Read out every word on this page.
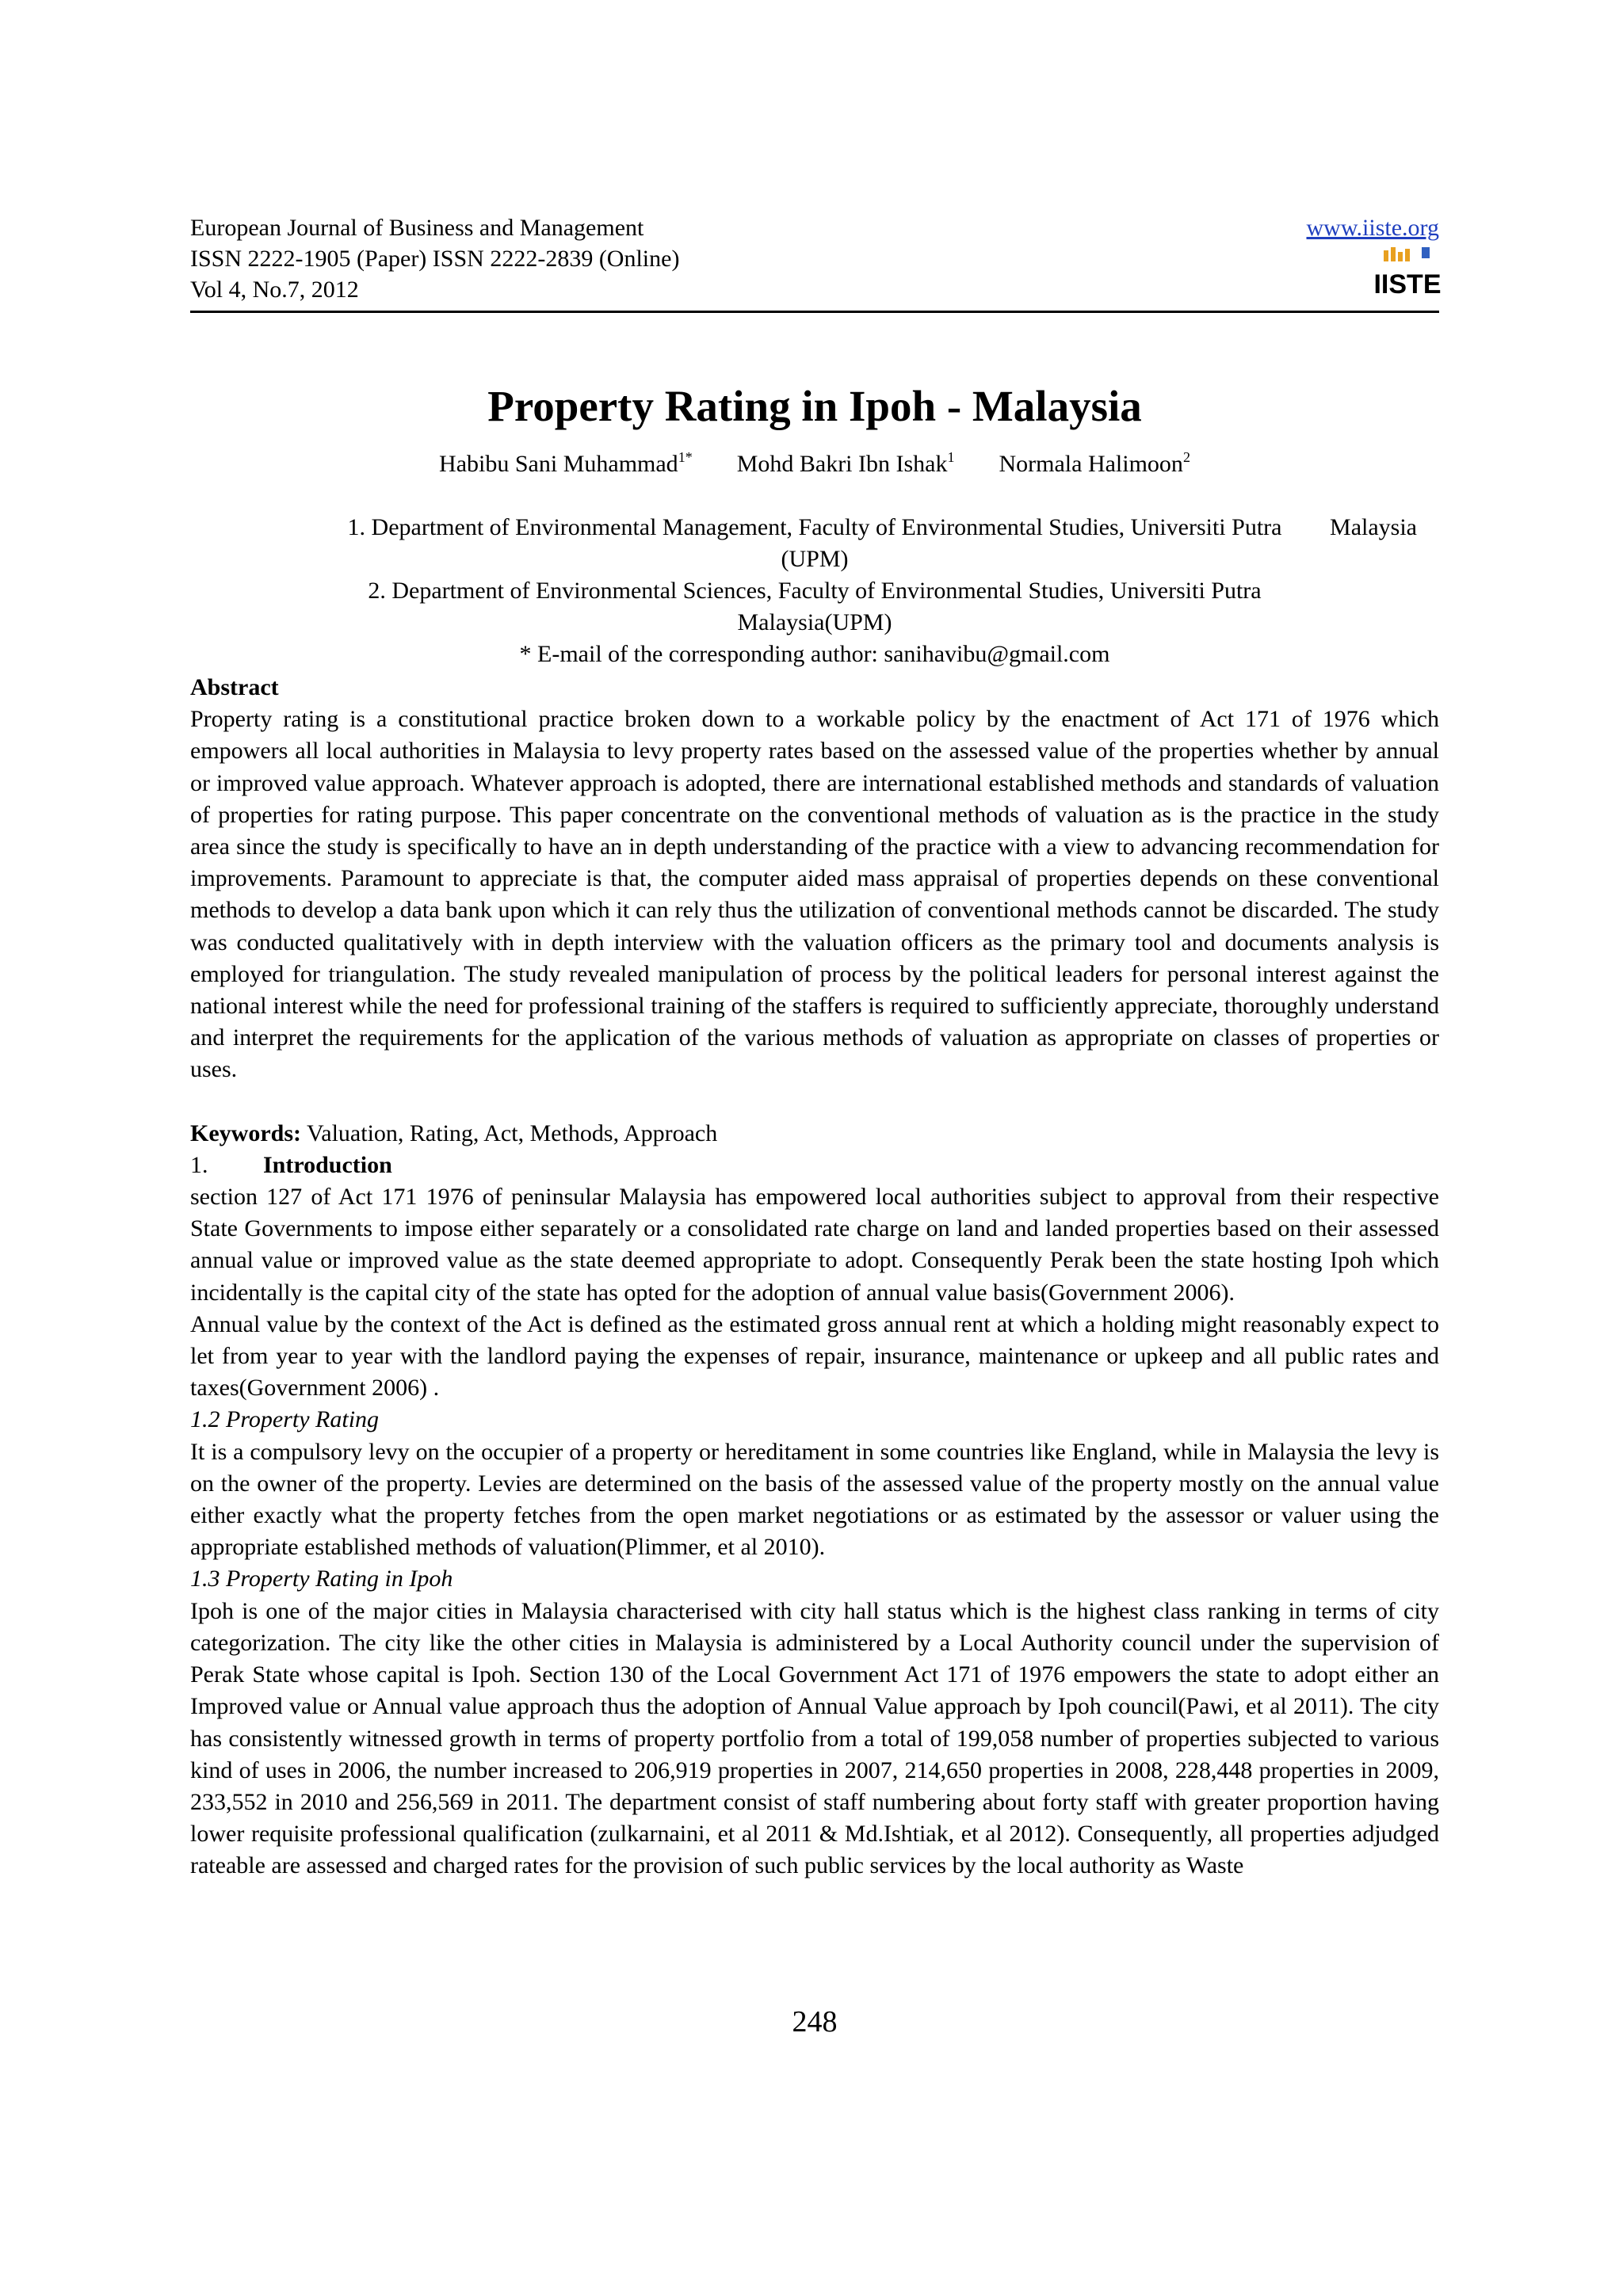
European Journal of Business and Management
ISSN 2222-1905 (Paper) ISSN 2222-2839 (Online)
Vol 4, No.7, 2012
www.iiste.org
IISTE
Property Rating in Ipoh - Malaysia
Habibu Sani Muhammad$^{1*}$ Mohd Bakri Ibn Ishak$^1$ Normala Halimoon$^2$
1. Department of Environmental Management, Faculty of Environmental Studies, Universiti Putra Malaysia
(UPM)
2. Department of Environmental Sciences, Faculty of Environmental Studies, Universiti Putra
Malaysia(UPM)
* E-mail of the corresponding author: sanihavibu@gmail.com

Abstract

Property rating is a constitutional practice broken down to a workable policy by the enactment of Act 171 of 1976 which empowers all local authorities in Malaysia to levy property rates based on the assessed value of the properties whether by annual or improved value approach. Whatever approach is adopted, there are international established methods and standards of valuation of properties for rating purpose. This paper concentrate on the conventional methods of valuation as is the practice in the study area since the study is specifically to have an in depth understanding of the practice with a view to advancing recommendation for improvements. Paramount to appreciate is that, the computer aided mass appraisal of properties depends on these conventional methods to develop a data bank upon which it can rely thus the utilization of conventional methods cannot be discarded. The study was conducted qualitatively with in depth interview with the valuation officers as the primary tool and documents analysis is employed for triangulation. The study revealed manipulation of process by the political leaders for personal interest against the national interest while the need for professional training of the staffers is required to sufficiently appreciate, thoroughly understand and interpret the requirements for the application of the various methods of valuation as appropriate on classes of properties or uses.

Keywords: Valuation, Rating, Act, Methods, Approach

1. Introduction

section 127 of Act 171 1976 of peninsular Malaysia has empowered local authorities subject to approval from their respective State Governments to impose either separately or a consolidated rate charge on land and landed properties based on their assessed annual value or improved value as the state deemed appropriate to adopt. Consequently Perak been the state hosting Ipoh which incidentally is the capital city of the state has opted for the adoption of annual value basis(Government 2006).

Annual value by the context of the Act is defined as the estimated gross annual rent at which a holding might reasonably expect to let from year to year with the landlord paying the expenses of repair, insurance, maintenance or upkeep and all public rates and taxes(Government 2006) .

1.2 Property Rating

It is a compulsory levy on the occupier of a property or hereditament in some countries like England, while in Malaysia the levy is on the owner of the property. Levies are determined on the basis of the assessed value of the property mostly on the annual value either exactly what the property fetches from the open market negotiations or as estimated by the assessor or valuer using the appropriate established methods of valuation(Plimmer, et al 2010).

1.3 Property Rating in Ipoh

Ipoh is one of the major cities in Malaysia characterised with city hall status which is the highest class ranking in terms of city categorization. The city like the other cities in Malaysia is administered by a Local Authority council under the supervision of Perak State whose capital is Ipoh. Section 130 of the Local Government Act 171 of 1976 empowers the state to adopt either an Improved value or Annual value approach thus the adoption of Annual Value approach by Ipoh council(Pawi, et al 2011). The city has consistently witnessed growth in terms of property portfolio from a total of 199,058 number of properties subjected to various kind of uses in 2006, the number increased to 206,919 properties in 2007, 214,650 properties in 2008, 228,448 properties in 2009, 233,552 in 2010 and 256,569 in 2011. The department consist of staff numbering about forty staff with greater proportion having lower requisite professional qualification (zulkarnaini, et al 2011 & Md.Ishtiak, et al 2012). Consequently, all properties adjudged rateable are assessed and charged rates for the provision of such public services by the local authority as Waste

248
